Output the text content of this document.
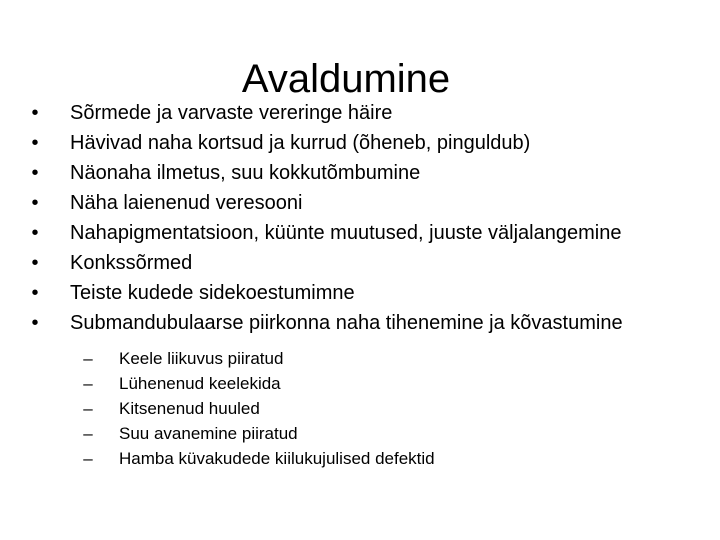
Avaldumine
• Sõrmede ja varvaste vereringe häire
• Hävivad naha kortsud ja kurrud (õheneb, pinguldub)
• Näonaha ilmetus, suu kokkutõmbumine
• Näha laienenud veresooni
• Nahapigmentatsioon, küünte muutused, juuste väljalangemine
• Konkssõrmed
• Teiste kudede sidekoestumimne
• Submandubulaarse piirkonna naha tihenemine ja kõvastumine
–	Keele liikuvus piiratud
–	Lühenenud keelekida
–	Kitsenenud huuled
–	Suu avanemine piiratud
–	Hamba küvakudede kiilukujulised defektid
